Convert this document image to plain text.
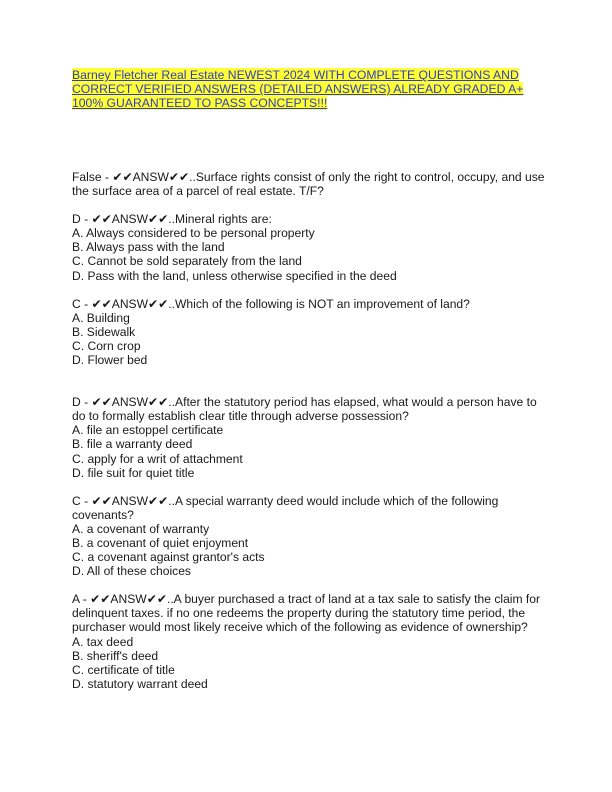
Barney Fletcher Real Estate NEWEST 2024 WITH COMPLETE QUESTIONS AND
CORRECT VERIFIED ANSWERS (DETAILED ANSWERS) ALREADY GRADED A+
100% GUARANTEED TO PASS CONCEPTS!!!

False - ✔✔ANSW✔✔..Surface rights consist of only the right to control, occupy, and use

the surface area of a parcel of real estate. T/F?

D - ✔✔ANSW✔✔..Mineral rights are:

A. Always considered to be personal property

B. Always pass with the land

C. Cannot be sold separately from the land

D. Pass with the land, unless otherwise specified in the deed

C - ✔✔ANSW✔✔..Which of the following is NOT an improvement of land?

A. Building

B. Sidewalk

C. Corn crop

D. Flower bed

D - ✔✔ANSW✔✔..After the statutory period has elapsed, what would a person have to

do to formally establish clear title through adverse possession?

A. file an estoppel certificate

B. file a warranty deed

C. apply for a writ of attachment

D. file suit for quiet title

C - ✔✔ANSW✔✔..A special warranty deed would include which of the following

covenants?

A. a covenant of warranty

B. a covenant of quiet enjoyment

C. a covenant against grantor's acts

D. All of these choices

A - ✔✔ANSW✔✔..A buyer purchased a tract of land at a tax sale to satisfy the claim for

delinquent taxes. if no one redeems the property during the statutory time period, the

purchaser would most likely receive which of the following as evidence of ownership?

A. tax deed

B. sheriff's deed

C. certificate of title

D. statutory warrant deed
